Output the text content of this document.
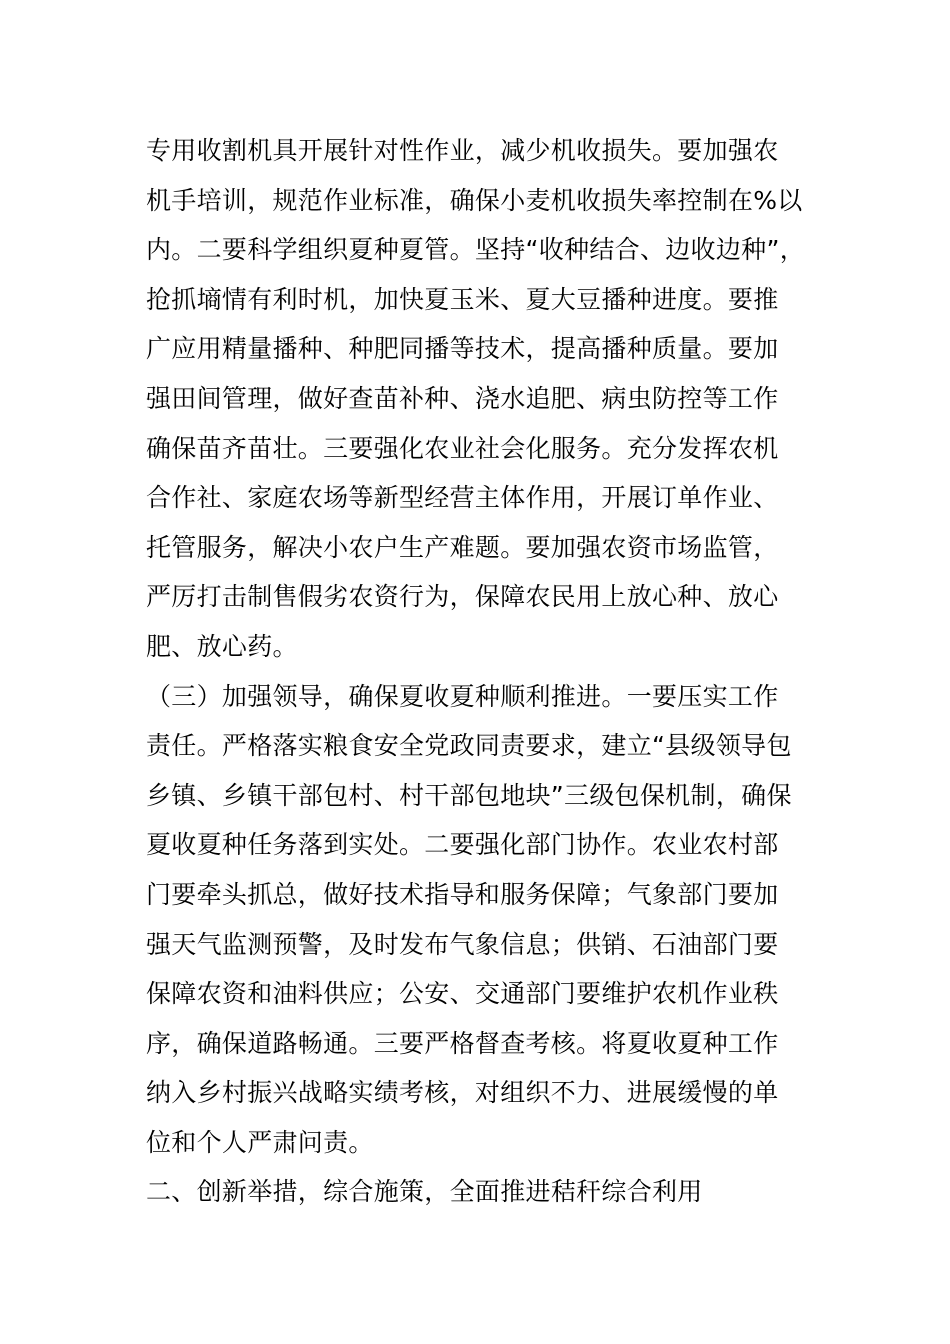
专用收割机具开展针对性作业，减少机收损失。要加强农
机手培训，规范作业标准，确保小麦机收损失率控制在%以
内。二要科学组织夏种夏管。坚持“收种结合、边收边种”，
抢抓墒情有利时机，加快夏玉米、夏大豆播种进度。要推
广应用精量播种、种肥同播等技术，提高播种质量。要加
强田间管理，做好查苗补种、浇水追肥、病虫防控等工作
确保苗齐苗壮。三要强化农业社会化服务。充分发挥农机
合作社、家庭农场等新型经营主体作用，开展订单作业、
托管服务，解决小农户生产难题。要加强农资市场监管，
严厉打击制售假劣农资行为，保障农民用上放心种、放心
肥、放心药。
（三）加强领导，确保夏收夏种顺利推进。一要压实工作
责任。严格落实粮食安全党政同责要求，建立“县级领导包
乡镇、乡镇干部包村、村干部包地块”三级包保机制，确保
夏收夏种任务落到实处。二要强化部门协作。农业农村部
门要牵头抓总，做好技术指导和服务保障；气象部门要加
强天气监测预警，及时发布气象信息；供销、石油部门要
保障农资和油料供应；公安、交通部门要维护农机作业秩
序，确保道路畅通。三要严格督查考核。将夏收夏种工作
纳入乡村振兴战略实绩考核，对组织不力、进展缓慢的单
位和个人严肃问责。
二、创新举措，综合施策，全面推进秸秆综合利用
